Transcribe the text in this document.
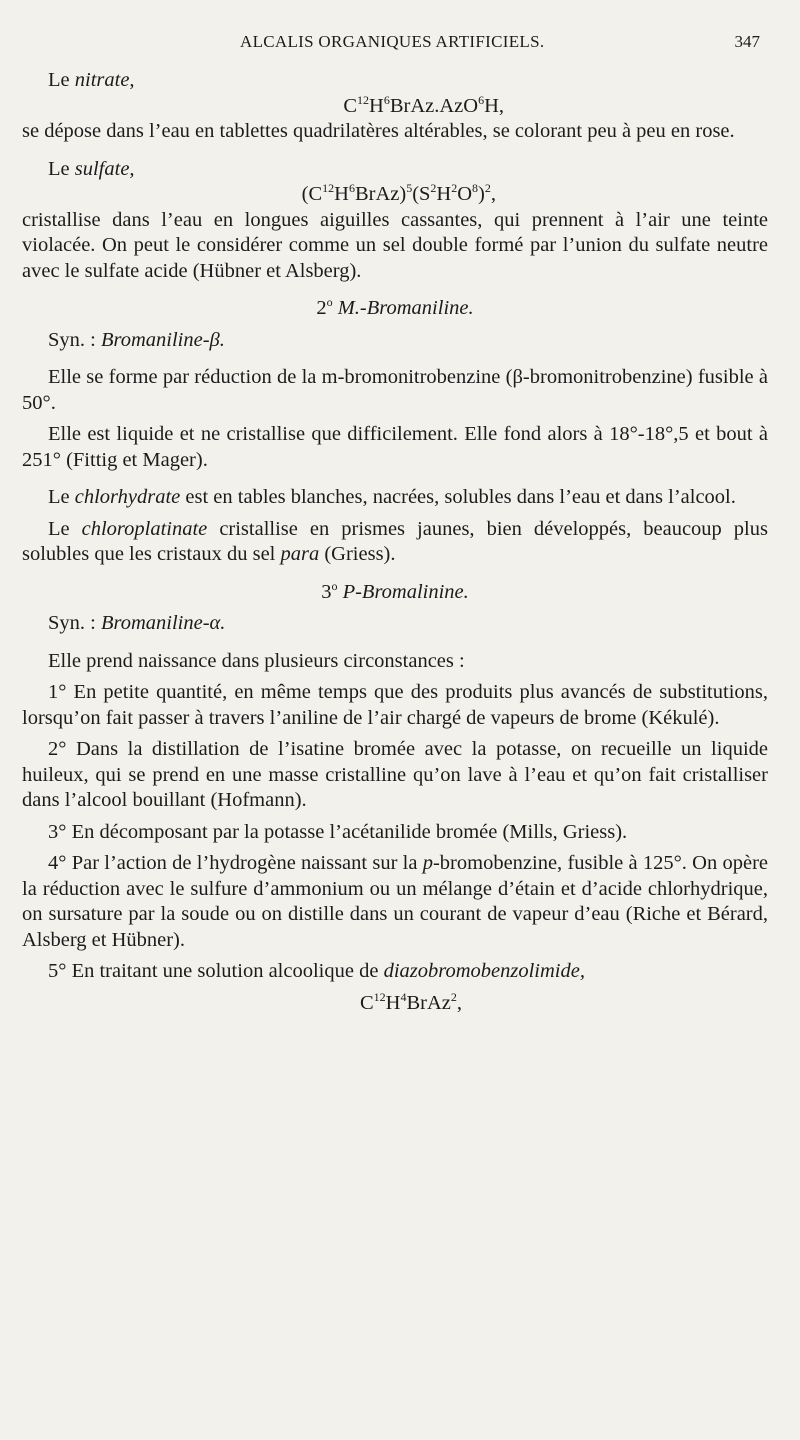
ALCALIS ORGANIQUES ARTIFICIELS.	347

Le nitrate,

$C^{12}H^6BrAz.AzO^6H$,

se dépose dans l’eau en tablettes quadrilatères altérables, se colorant peu à peu en rose.

Le sulfate,

$(C^{12}H^6BrAz)^5(S^2H^2O^8)^2$,

cristallise dans l’eau en longues aiguilles cassantes, qui prennent à l’air une teinte violacée. On peut le considérer comme un sel double formé par l’union du sulfate neutre avec le sulfate acide (Hübner et Alsberg).

2$^o$ M.-Bromaniline.

Syn. : Bromaniline-β.

Elle se forme par réduction de la m-bromonitrobenzine (β-bromonitrobenzine) fusible à 50°.

Elle est liquide et ne cristallise que difficilement. Elle fond alors à 18°-18°,5 et bout à 251° (Fittig et Mager).

Le chlorhydrate est en tables blanches, nacrées, solubles dans l’eau et dans l’alcool.

Le chloroplatinate cristallise en prismes jaunes, bien développés, beaucoup plus solubles que les cristaux du sel para (Griess).

3$^o$ P-Bromalinine.

Syn. : Bromaniline-α.

Elle prend naissance dans plusieurs circonstances :

1° En petite quantité, en même temps que des produits plus avancés de substitutions, lorsqu’on fait passer à travers l’aniline de l’air chargé de vapeurs de brome (Kékulé).

2° Dans la distillation de l’isatine bromée avec la potasse, on recueille un liquide huileux, qui se prend en une masse cristalline qu’on lave à l’eau et qu’on fait cristalliser dans l’alcool bouillant (Hofmann).

3° En décomposant par la potasse l’acétanilide bromée (Mills, Griess).

4° Par l’action de l’hydrogène naissant sur la p-bromobenzine, fusible à 125°. On opère la réduction avec le sulfure d’ammonium ou un mélange d’étain et d’acide chlorhydrique, on sursature par la soude ou on distille dans un courant de vapeur d’eau (Riche et Bérard, Alsberg et Hübner).

5° En traitant une solution alcoolique de diazobromobenzolimide,

$C^{12}H^4BrAz^2$,
